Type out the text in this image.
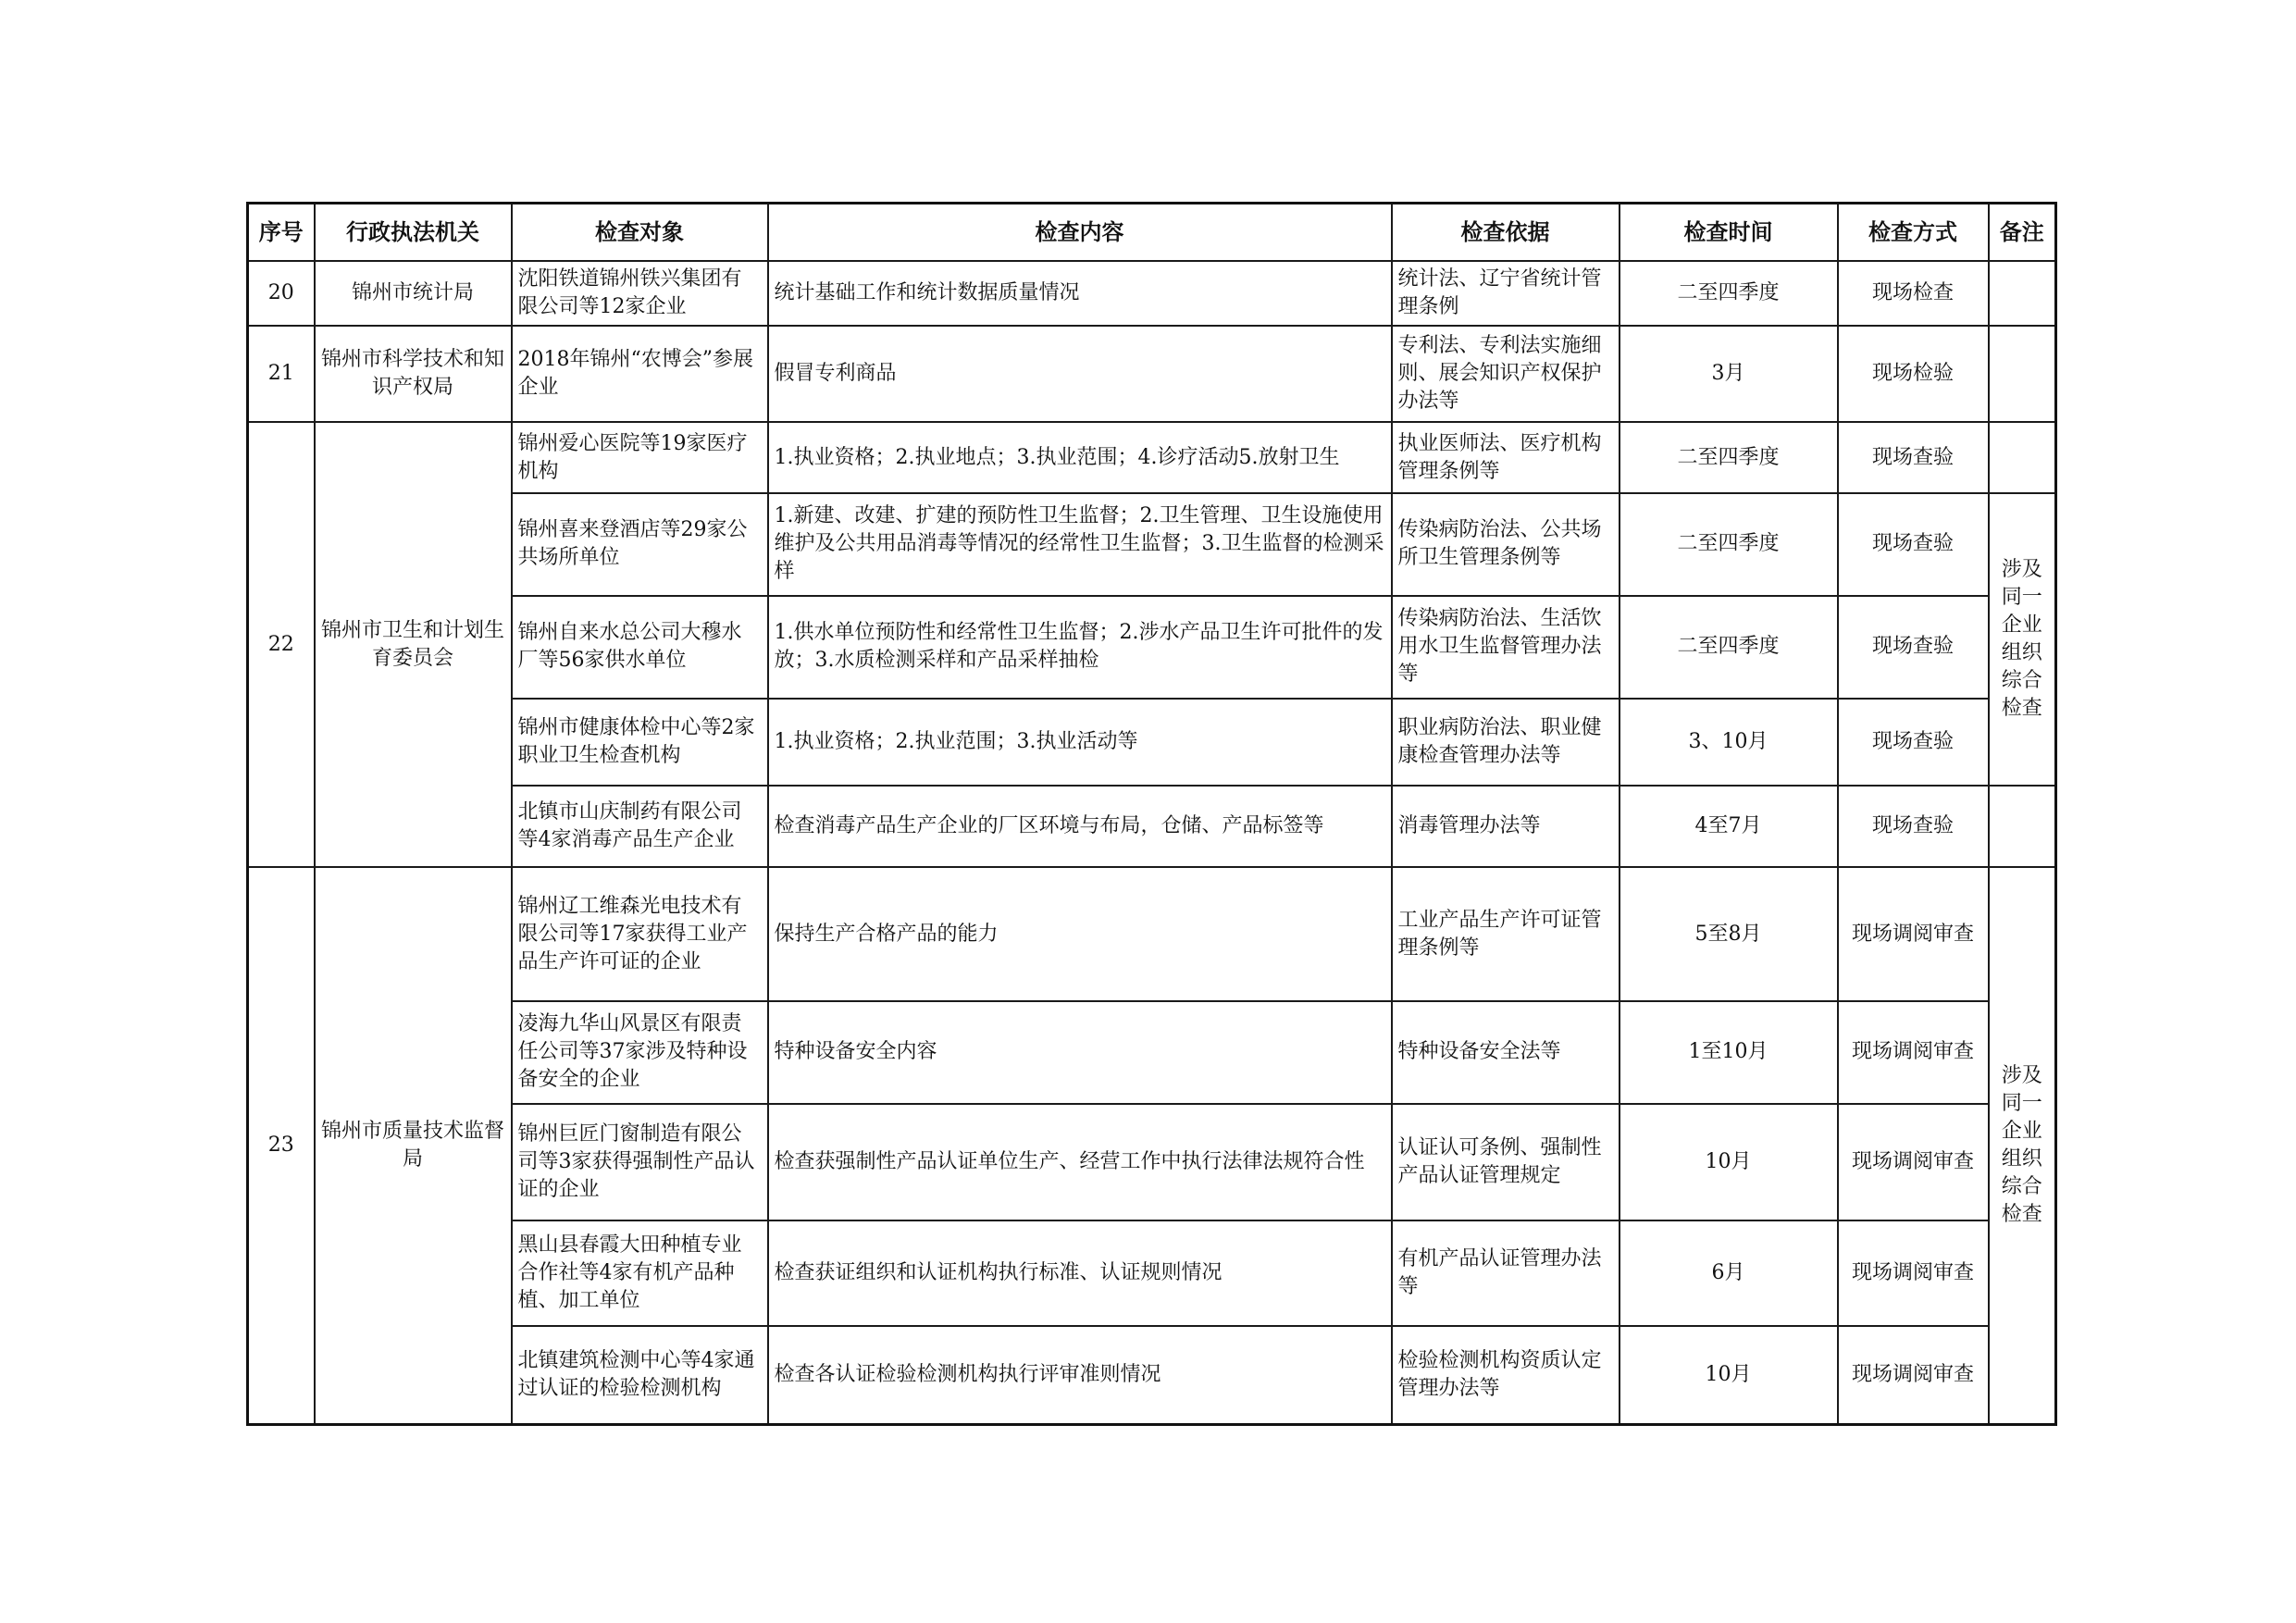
序号	行政执法机关	检查对象	检查内容	检查依据	检查时间	检查方式	备注
20	锦州市统计局	沈阳铁道锦州铁兴集团有限公司等12家企业	统计基础工作和统计数据质量情况	统计法、辽宁省统计管理条例	二至四季度	现场检查	
21	锦州市科学技术和知识产权局	2018年锦州“农博会”参展企业	假冒专利商品	专利法、专利法实施细则、展会知识产权保护办法等	3月	现场检验	
22	锦州市卫生和计划生育委员会	锦州爱心医院等19家医疗机构	1.执业资格；2.执业地点；3.执业范围；4.诊疗活动5.放射卫生	执业医师法、医疗机构管理条例等	二至四季度	现场查验	
		锦州喜来登酒店等29家公共场所单位	1.新建、改建、扩建的预防性卫生监督；2.卫生管理、卫生设施使用维护及公共用品消毒等情况的经常性卫生监督；3.卫生监督的检测采样	传染病防治法、公共场所卫生管理条例等	二至四季度	现场查验	涉及同一企业组织综合检查
		锦州自来水总公司大穆水厂等56家供水单位	1.供水单位预防性和经常性卫生监督；2.涉水产品卫生许可批件的发放；3.水质检测采样和产品采样抽检	传染病防治法、生活饮用水卫生监督管理办法等	二至四季度	现场查验	
		锦州市健康体检中心等2家职业卫生检查机构	1.执业资格；2.执业范围；3.执业活动等	职业病防治法、职业健康检查管理办法等	3、10月	现场查验	
		北镇市山庆制药有限公司等4家消毒产品生产企业	检查消毒产品生产企业的厂区环境与布局，仓储、产品标签等	消毒管理办法等	4至7月	现场查验	
23	锦州市质量技术监督局	锦州辽工维森光电技术有限公司等17家获得工业产品生产许可证的企业	保持生产合格产品的能力	工业产品生产许可证管理条例等	5至8月	现场调阅审查	涉及同一企业组织综合检查
		凌海九华山风景区有限责任公司等37家涉及特种设备安全的企业	特种设备安全内容	特种设备安全法等	1至10月	现场调阅审查	
		锦州巨匠门窗制造有限公司等3家获得强制性产品认证的企业	检查获强制性产品认证单位生产、经营工作中执行法律法规符合性	认证认可条例、强制性产品认证管理规定	10月	现场调阅审查	
		黑山县春霞大田种植专业合作社等4家有机产品种植、加工单位	检查获证组织和认证机构执行标准、认证规则情况	有机产品认证管理办法等	6月	现场调阅审查	
		北镇建筑检测中心等4家通过认证的检验检测机构	检查各认证检验检测机构执行评审准则情况	检验检测机构资质认定管理办法等	10月	现场调阅审查	
